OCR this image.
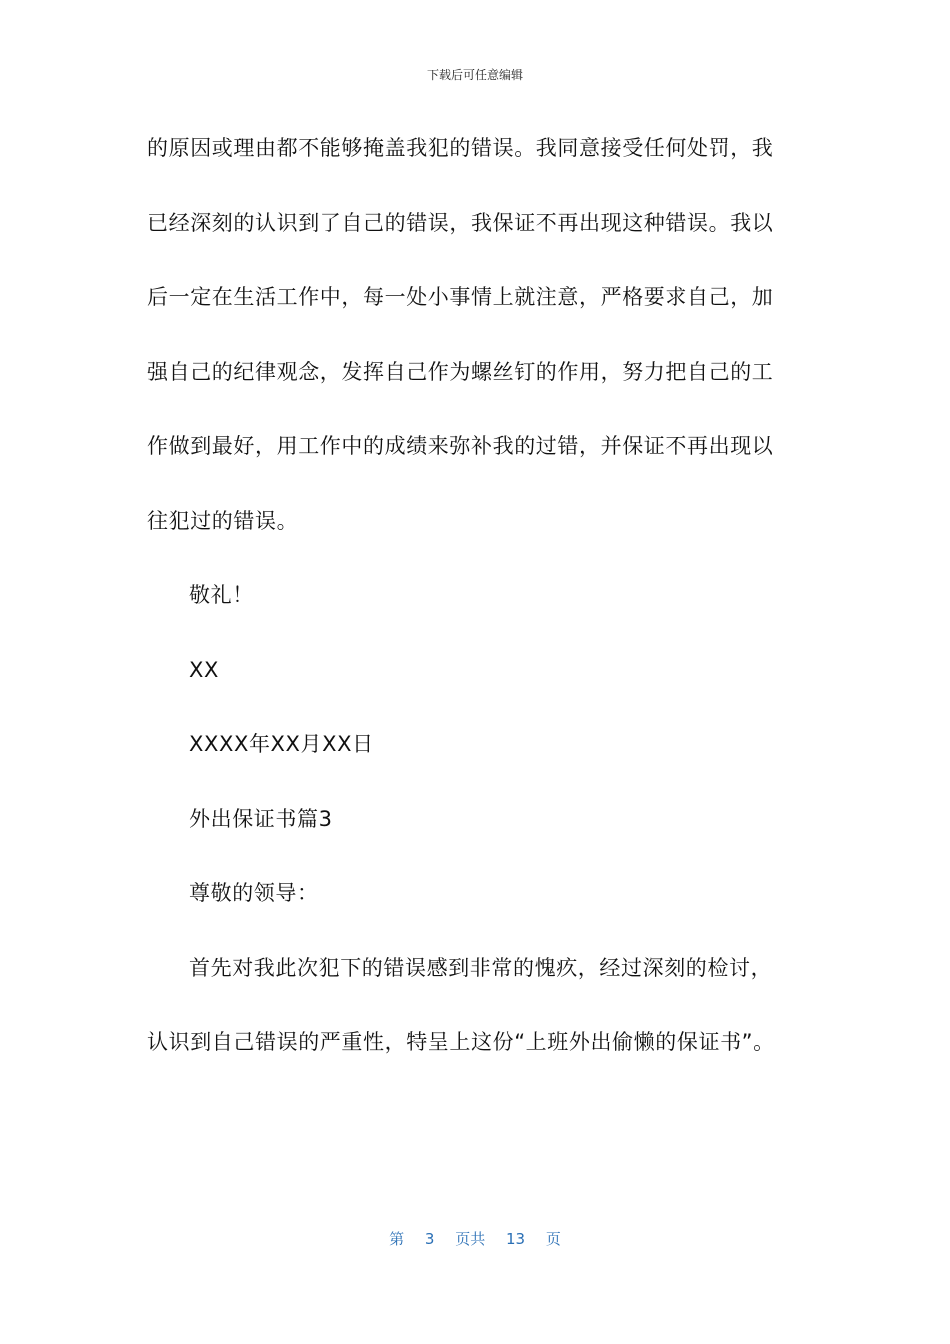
下载后可任意编辑
的原因或理由都不能够掩盖我犯的错误。我同意接受任何处罚，我
已经深刻的认识到了自己的错误，我保证不再出现这种错误。我以
后一定在生活工作中，每一处小事情上就注意，严格要求自己，加
强自己的纪律观念，发挥自己作为螺丝钉的作用，努力把自己的工
作做到最好，用工作中的成绩来弥补我的过错，并保证不再出现以
往犯过的错误。
敬礼！
XX
XXXX年XX月XX日
外出保证书篇3
尊敬的领导：
首先对我此次犯下的错误感到非常的愧疚，经过深刻的检讨，
认识到自己错误的严重性，特呈上这份“上班外出偷懒的保证书”。
第 3 页共 13 页
